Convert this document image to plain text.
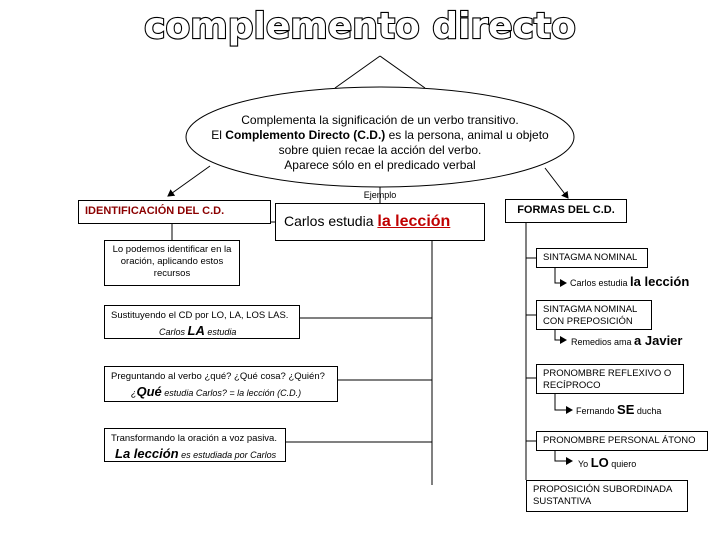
complemento directo
Complementa la significación de un verbo transitivo.
El Complemento Directo (C.D.) es la persona, animal u objeto
sobre quien recae la acción del verbo.
Aparece sólo en el predicado verbal
Ejemplo
Carlos estudia la lección
IDENTIFICACIÓN DEL C.D.
Lo podemos identificar en la oración, aplicando estos recursos
Sustituyendo el CD por LO, LA, LOS LAS.
Carlos LA estudia
Preguntando al verbo ¿qué? ¿Qué cosa? ¿Quién?
¿Qué estudia Carlos? = la lección (C.D.)
Transformando la oración a voz pasiva.
La lección es estudiada por Carlos
FORMAS DEL C.D.
SINTAGMA NOMINAL
Carlos estudia la lección
SINTAGMA NOMINAL CON PREPOSICIÓN
Remedios ama a Javier
PRONOMBRE REFLEXIVO O RECÍPROCO
Fernando SE ducha
PRONOMBRE PERSONAL ÁTONO
Yo LO quiero
PROPOSICIÓN SUBORDINADA SUSTANTIVA
